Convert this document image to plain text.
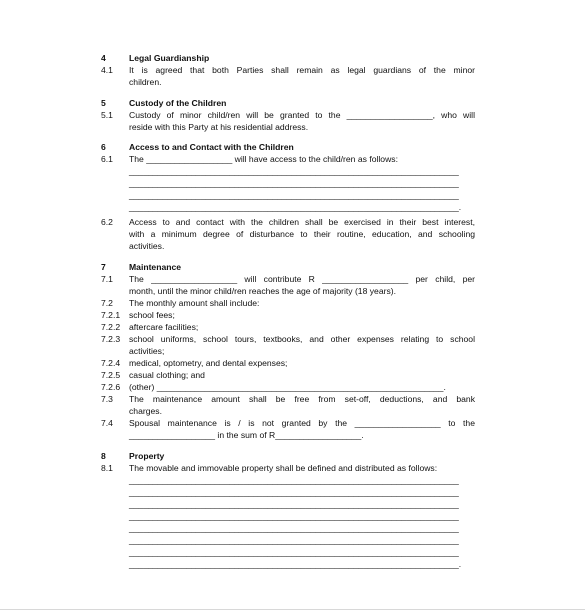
4

	Legal Guardianship

4.1

It is agreed that both Parties shall remain as legal guardians of the minor

children.

5

	Custody of the Children

5.1

Custody of minor child/ren will be granted to the __________________, who will

reside with this Party at his residential address.

6

	Access to and Contact with the Children

6.1

The __________________ will have access to the child/ren as follows:

_____________________________________________________________________

_____________________________________________________________________

_____________________________________________________________________

_____________________________________________________________________.

6.2

Access to and contact with the children shall be exercised in their best interest,

with a minimum degree of disturbance to their routine, education, and schooling

activities.

7

	Maintenance

7.1

The __________________ will contribute R __________________ per child, per

month, until the minor child/ren reaches the age of majority (18 years).

7.2

The monthly amount shall include:

7.2.1

school fees;

7.2.2

aftercare facilities;

7.2.3

school uniforms, school tours, textbooks, and other expenses relating to school

activities;

7.2.4

medical, optometry, and dental expenses;

7.2.5

casual clothing; and

7.2.6

(other) ____________________________________________________________.

7.3

The maintenance amount shall be free from set-off, deductions, and bank

charges.

7.4

Spousal maintenance is / is not granted by the __________________ to the

__________________ in the sum of R__________________.

8

	Property

8.1

The movable and immovable property shall be defined and distributed as follows:

_____________________________________________________________________

_____________________________________________________________________

_____________________________________________________________________

_____________________________________________________________________

_____________________________________________________________________

_____________________________________________________________________

_____________________________________________________________________

_____________________________________________________________________.
